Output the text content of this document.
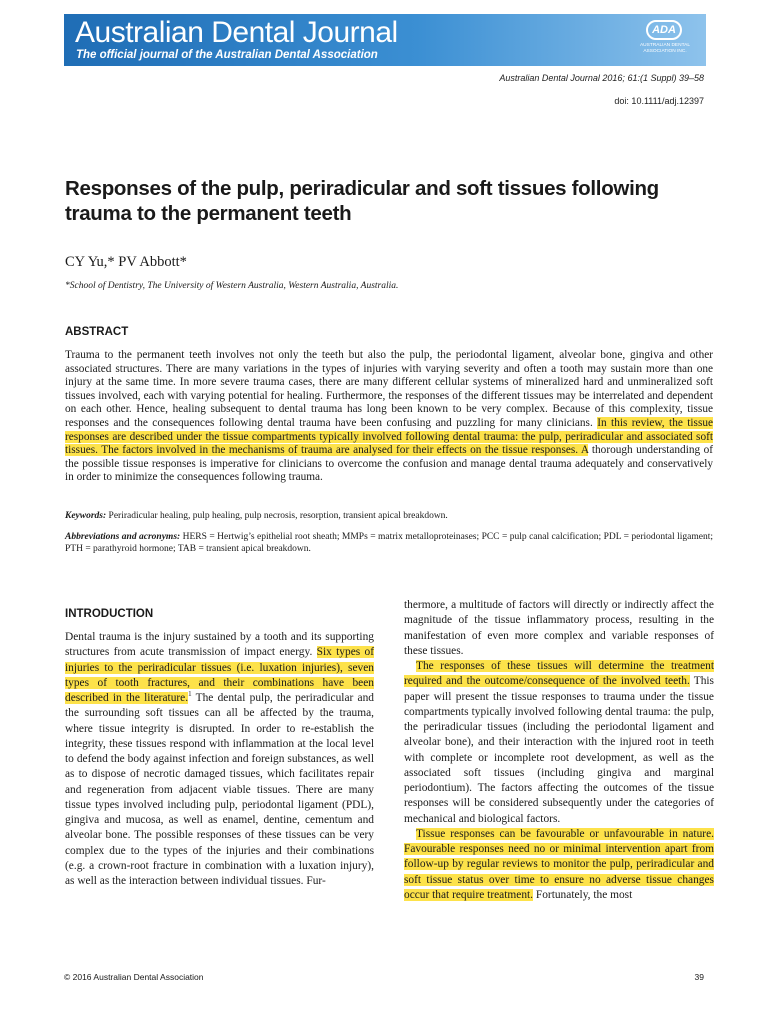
Australian Dental Journal
The official journal of the Australian Dental Association
ADA
AUSTRALIAN DENTAL ASSOCIATION INC.
Australian Dental Journal 2016; 61:(1 Suppl) 39–58
doi: 10.1111/adj.12397
Responses of the pulp, periradicular and soft tissues following trauma to the permanent teeth
CY Yu,* PV Abbott*
*School of Dentistry, The University of Western Australia, Western Australia, Australia.
ABSTRACT

Trauma to the permanent teeth involves not only the teeth but also the pulp, the periodontal ligament, alveolar bone, gingiva and other associated structures. There are many variations in the types of injuries with varying severity and often a tooth may sustain more than one injury at the same time. In more severe trauma cases, there are many different cellular systems of mineralized hard and unmineralized soft tissues involved, each with varying potential for healing. Furthermore, the responses of the different tissues may be interrelated and dependent on each other. Hence, healing subsequent to dental trauma has long been known to be very complex. Because of this complexity, tissue responses and the consequences following dental trauma have been confusing and puzzling for many clinicians. In this review, the tissue responses are described under the tissue compartments typically involved following dental trauma: the pulp, periradicular and associated soft tissues. The factors involved in the mechanisms of trauma are analysed for their effects on the tissue responses. A thorough understanding of the possible tissue responses is imperative for clinicians to overcome the confusion and manage dental trauma adequately and conservatively in order to minimize the consequences following trauma.

Keywords: Periradicular healing, pulp healing, pulp necrosis, resorption, transient apical breakdown.

Abbreviations and acronyms: HERS = Hertwig’s epithelial root sheath; MMPs = matrix metalloproteinases; PCC = pulp canal calcification; PDL = periodontal ligament; PTH = parathyroid hormone; TAB = transient apical breakdown.

INTRODUCTION

Dental trauma is the injury sustained by a tooth and its supporting structures from acute transmission of impact energy. Six types of injuries to the periradicular tissues (i.e. luxation injuries), seven types of tooth fractures, and their combinations have been described in the literature.$^1$ The dental pulp, the periradicular and the surrounding soft tissues can all be affected by the trauma, where tissue integrity is disrupted. In order to re-establish the integrity, these tissues respond with inflammation at the local level to defend the body against infection and foreign substances, as well as to dispose of necrotic damaged tissues, which facilitates repair and regeneration from adjacent viable tissues. There are many tissue types involved including pulp, periodontal ligament (PDL), gingiva and mucosa, as well as enamel, dentine, cementum and alveolar bone. The possible responses of these tissues can be very complex due to the types of the injuries and their combinations (e.g. a crown-root fracture in combination with a luxation injury), as well as the interaction between individual tissues. Fur-

thermore, a multitude of factors will directly or indirectly affect the magnitude of the tissue inflammatory process, resulting in the manifestation of even more complex and variable responses of these tissues.

The responses of these tissues will determine the treatment required and the outcome/consequence of the involved teeth. This paper will present the tissue responses to trauma under the tissue compartments typically involved following dental trauma: the pulp, the periradicular tissues (including the periodontal ligament and alveolar bone), and their interaction with the injured root in teeth with complete or incomplete root development, as well as the associated soft tissues (including gingiva and marginal periodontium). The factors affecting the outcomes of the tissue responses will be considered subsequently under the categories of mechanical and biological factors.

Tissue responses can be favourable or unfavourable in nature. Favourable responses need no or minimal intervention apart from follow-up by regular reviews to monitor the pulp, periradicular and soft tissue status over time to ensure no adverse tissue changes occur that require treatment. Fortunately, the most

© 2016 Australian Dental Association	39
